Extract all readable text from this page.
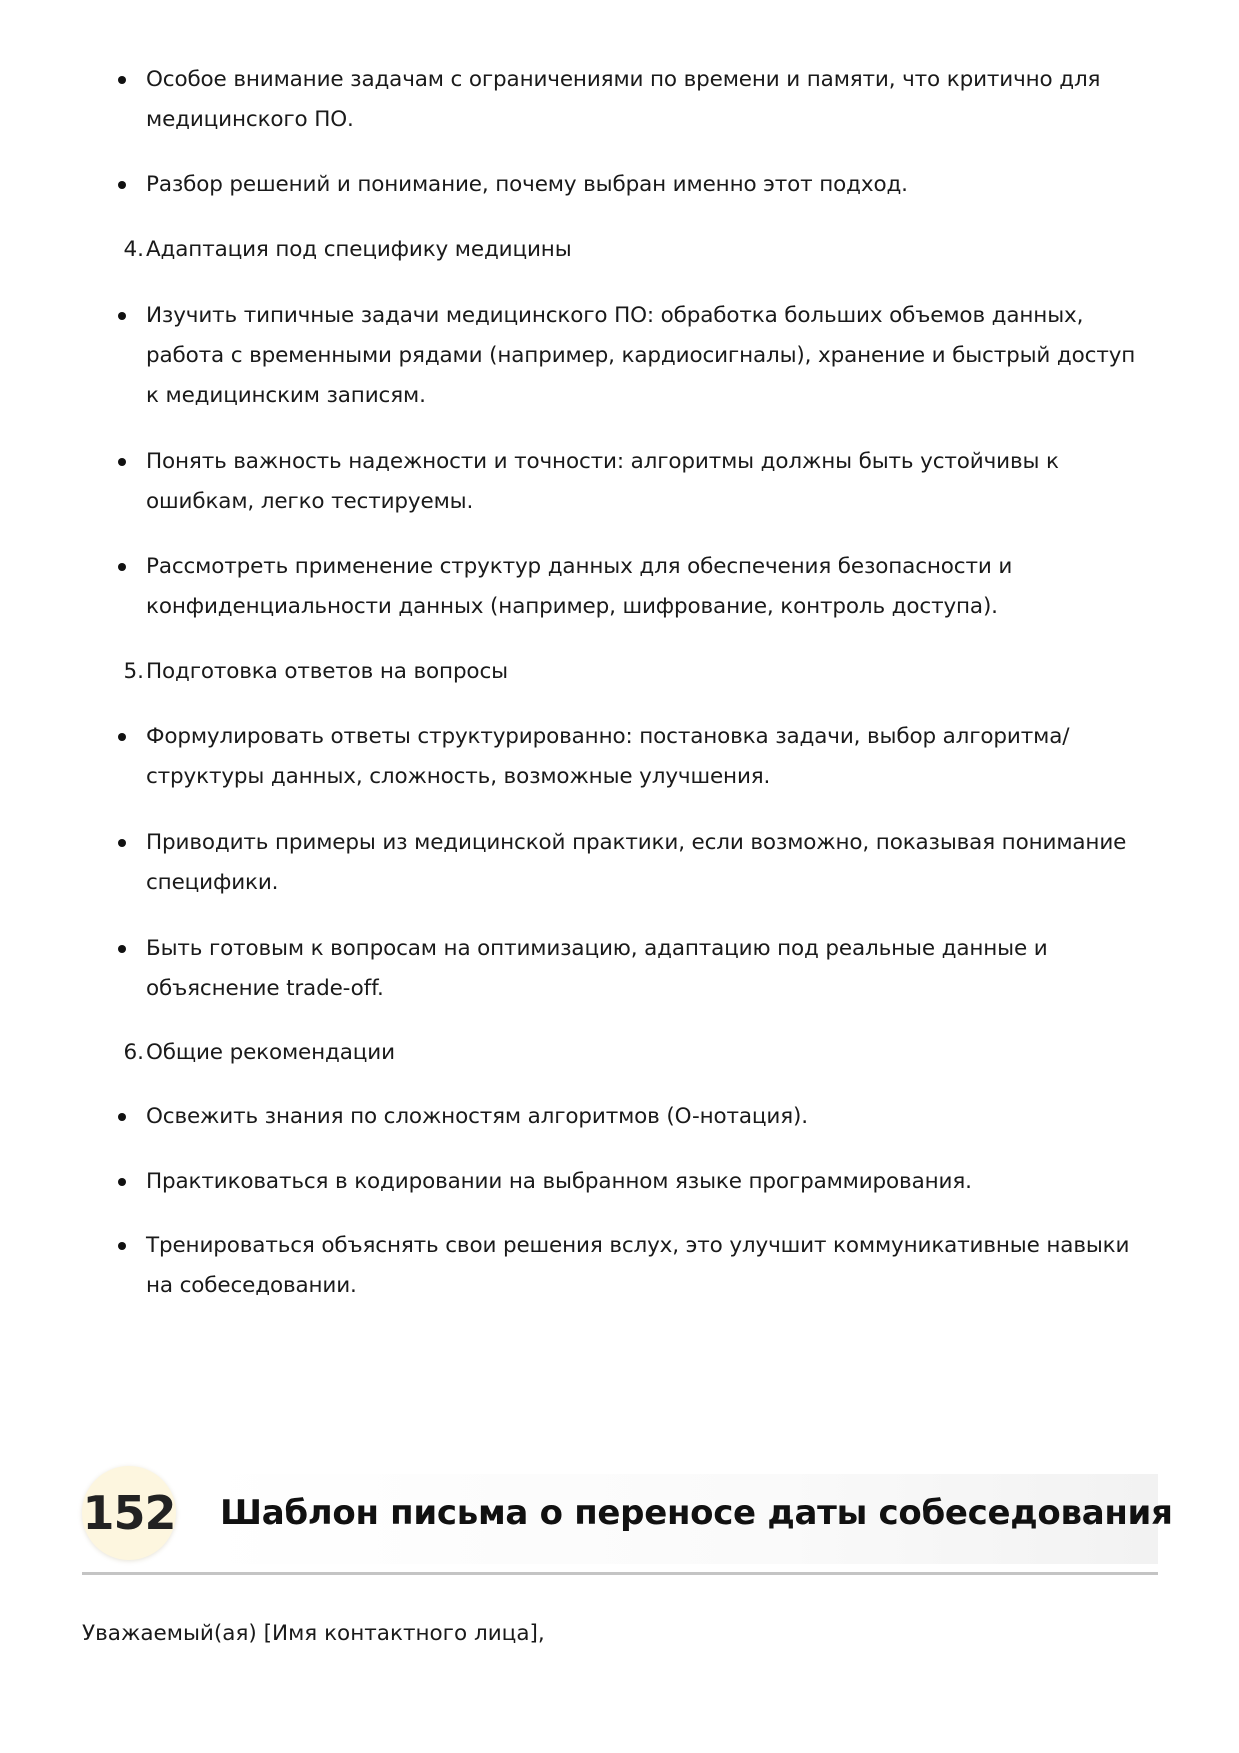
Особое внимание задачам с ограничениями по времени и памяти, что критично для
медицинского ПО.
Разбор решений и понимание, почему выбран именно этот подход.
4. Адаптация под специфику медицины
Изучить типичные задачи медицинского ПО: обработка больших объемов данных,
работа с временными рядами (например, кардиосигналы), хранение и быстрый доступ
к медицинским записям.
Понять важность надежности и точности: алгоритмы должны быть устойчивы к
ошибкам, легко тестируемы.
Рассмотреть применение структур данных для обеспечения безопасности и
конфиденциальности данных (например, шифрование, контроль доступа).
5. Подготовка ответов на вопросы
Формулировать ответы структурированно: постановка задачи, выбор алгоритма/
структуры данных, сложность, возможные улучшения.
Приводить примеры из медицинской практики, если возможно, показывая понимание
специфики.
Быть готовым к вопросам на оптимизацию, адаптацию под реальные данные и
объяснение trade-off.
6. Общие рекомендации
Освежить знания по сложностям алгоритмов (O-нотация).
Практиковаться в кодировании на выбранном языке программирования.
Тренироваться объяснять свои решения вслух, это улучшит коммуникативные навыки
на собеседовании.
152 Шаблон письма о переносе даты собеседования
Уважаемый(ая) [Имя контактного лица],
